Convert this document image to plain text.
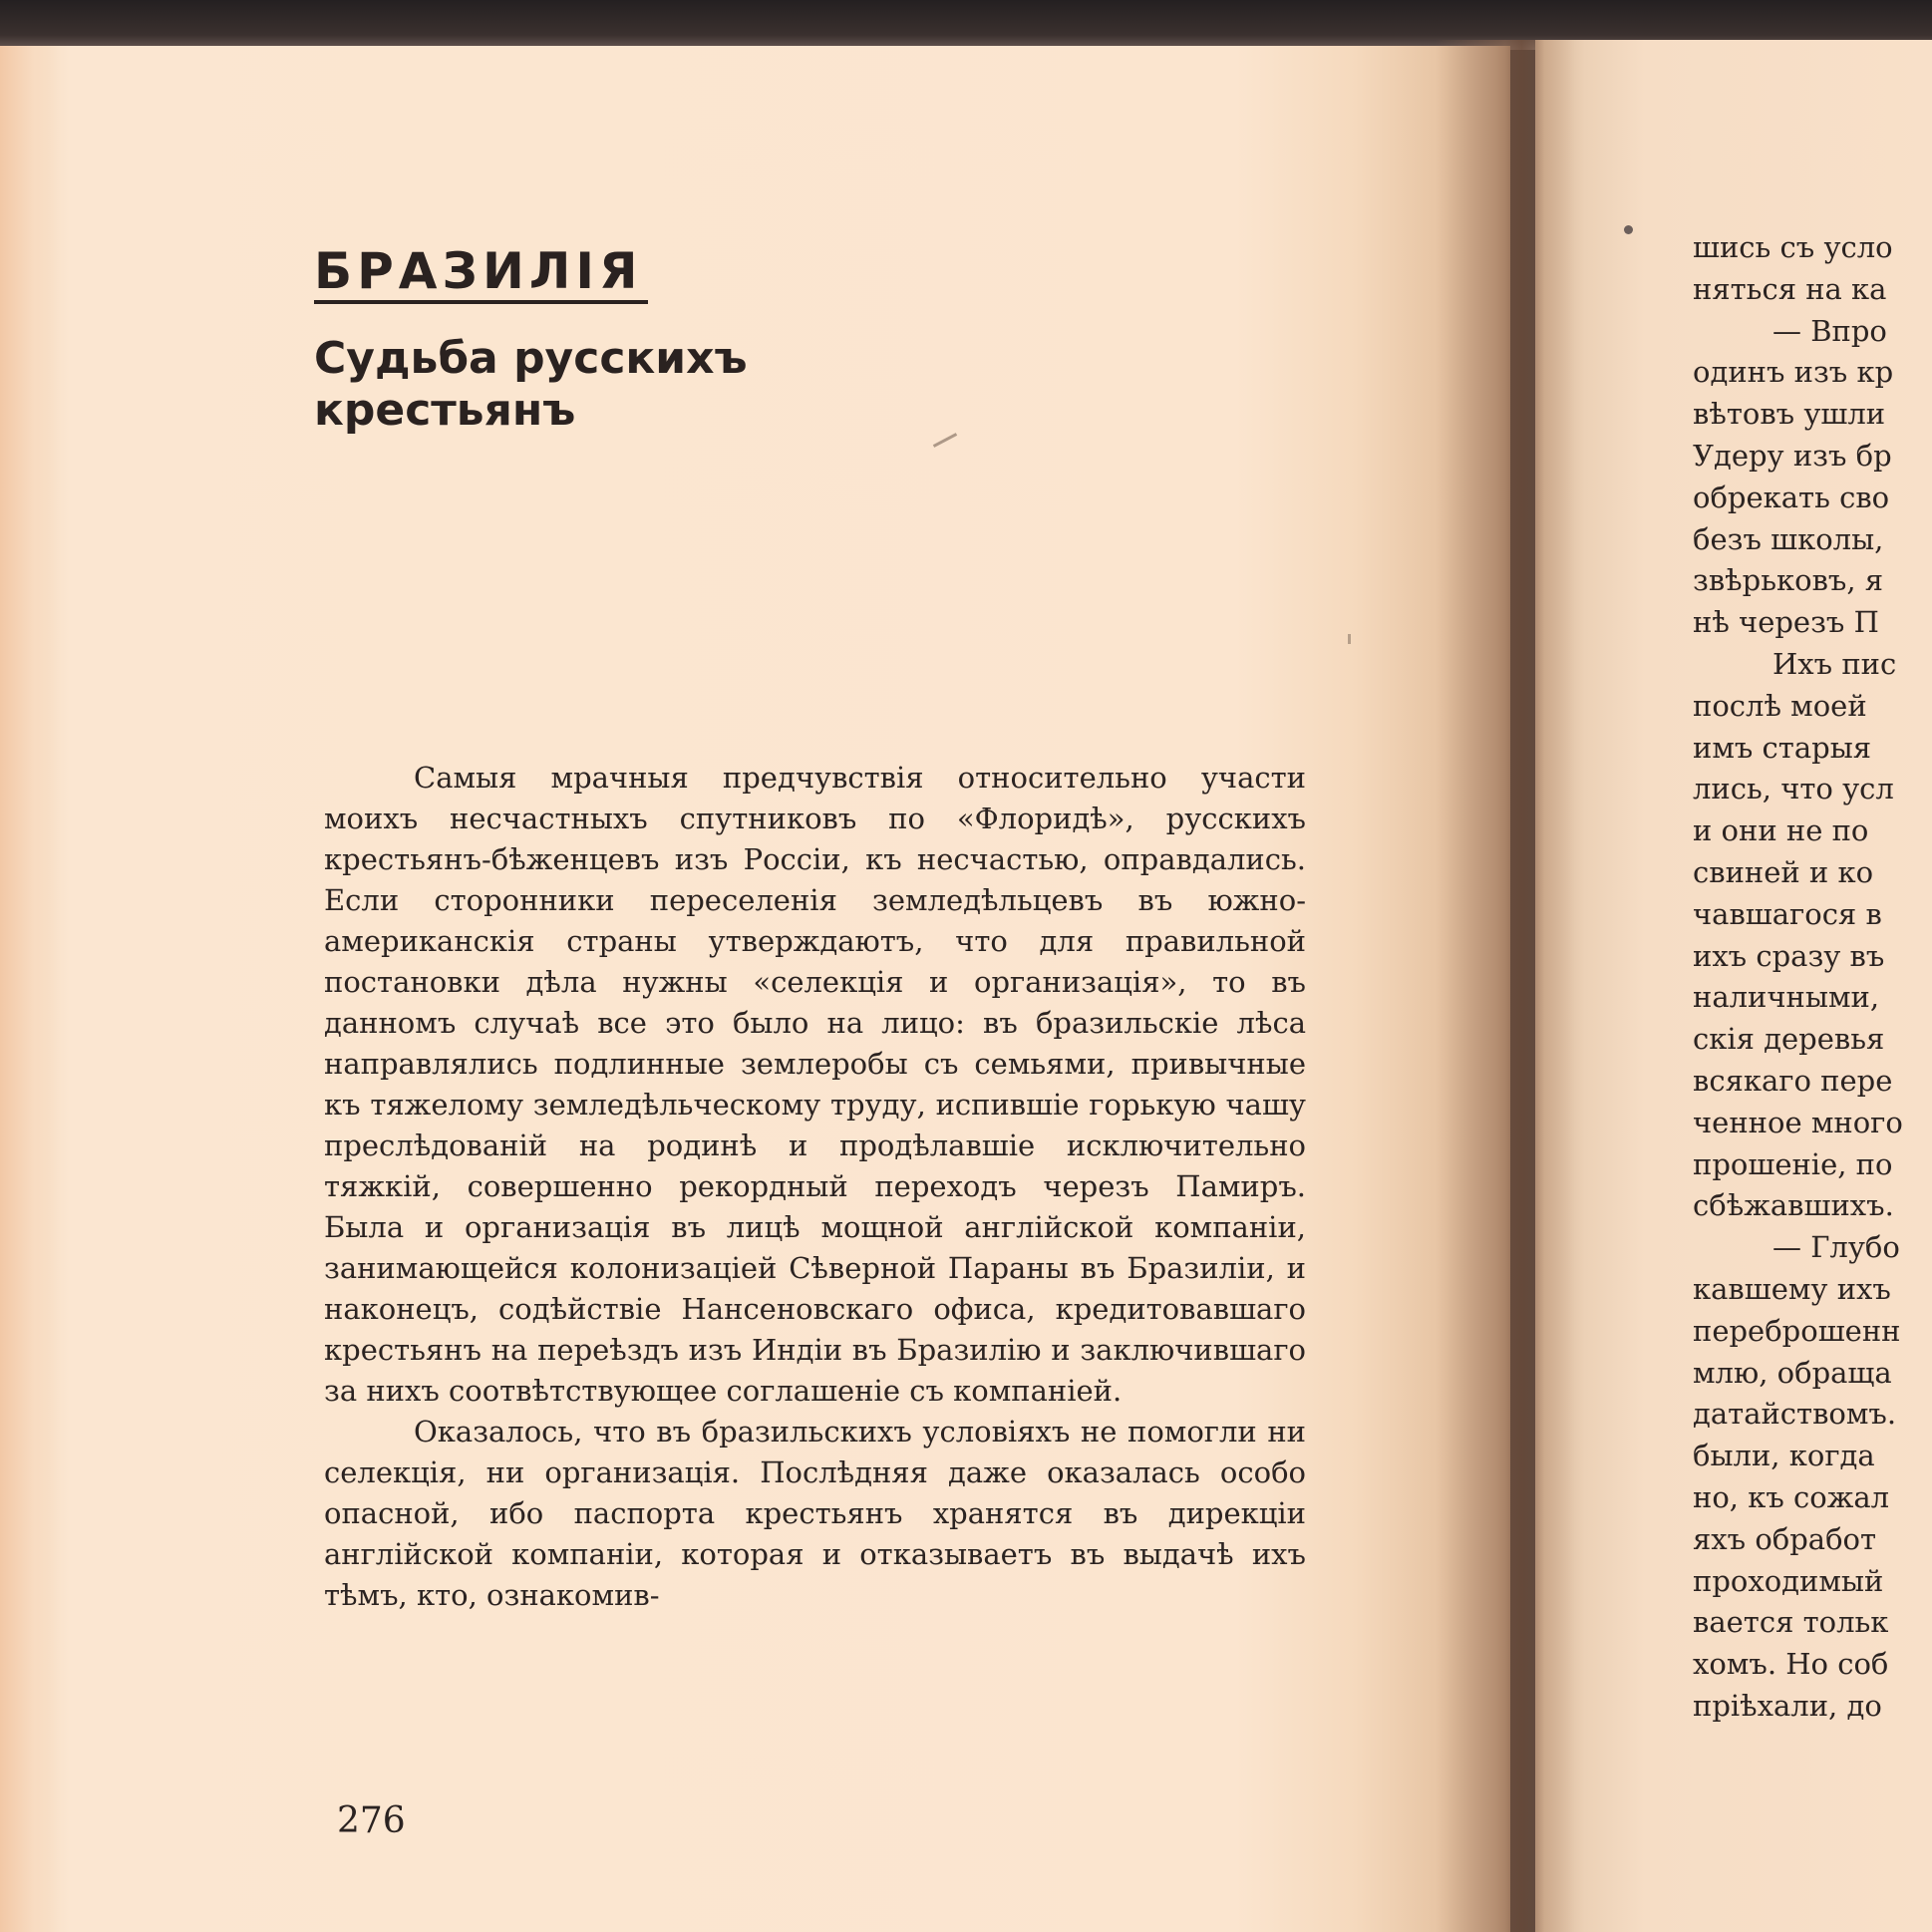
БРАЗИЛІЯ
Судьба русскихъ
крестьянъ

Самыя мрачныя предчувствія относительно участи моихъ несчастныхъ спутниковъ по «Флоридѣ», русскихъ крестьянъ-бѣженцевъ изъ Россіи, къ несчастью, оправдались. Если сторонники переселенія земледѣльцевъ въ южно-американскія страны утверждаютъ, что для правильной постановки дѣла нужны «селекція и организація», то въ данномъ случаѣ все это было на лицо: въ бразильскіе лѣса направлялись подлинные землеробы съ семьями, привычные къ тяжелому земледѣльческому труду, испившіе горькую чашу преслѣдованій на родинѣ и продѣлавшіе исключительно тяжкій, совершенно рекордный переходъ черезъ Памиръ. Была и организація въ лицѣ мощной англійской компаніи, занимающейся колонизаціей Сѣверной Параны въ Бразиліи, и наконецъ, содѣйствіе Нансеновскаго офиса, кредитовавшаго крестьянъ на переѣздъ изъ Индіи въ Бразилію и заключившаго за нихъ соотвѣтствующее соглашеніе съ компаніей.

Оказалось, что въ бразильскихъ условіяхъ не помогли ни селекція, ни организація. Послѣдняя даже оказалась особо опасной, ибо паспорта крестьянъ хранятся въ дирекціи англійской компаніи, которая и отказываетъ въ выдачѣ ихъ тѣмъ, кто, ознакомив-

276
шись съ усло
няться на ка
— Впро
одинъ изъ кр
вѣтовъ ушли
Удеру изъ бр
обрекать сво
безъ школы,
звѣрьковъ, я
нѣ черезъ П
Ихъ пис
послѣ моей
имъ старыя
лись, что усл
и они не по
свиней и ко
чавшагося в
ихъ сразу въ
наличными,
скія деревья
всякаго пере
ченное много
прошеніе, по
сбѣжавшихъ.
— Глубо
кавшему ихъ
переброшенн
млю, обраща
датайствомъ.
были, когда
но, къ сожал
яхъ обработ
проходимый
вается тольк
хомъ. Но соб
пріѣхали, до
